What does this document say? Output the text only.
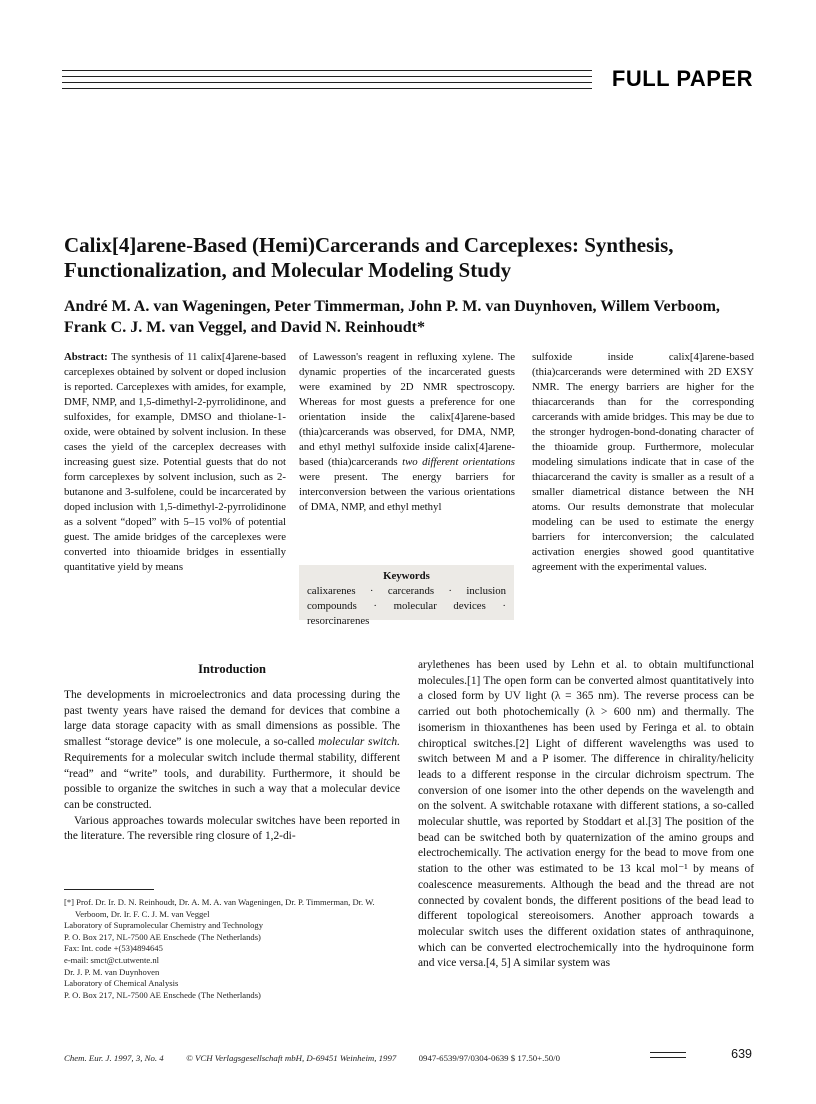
FULL PAPER
Calix[4]arene-Based (Hemi)Carcerands and Carceplexes: Synthesis, Functionalization, and Molecular Modeling Study
André M. A. van Wageningen, Peter Timmerman, John P. M. van Duynhoven, Willem Verboom, Frank C. J. M. van Veggel, and David N. Reinhoudt*
Abstract: The synthesis of 11 calix[4]arene-based carceplexes obtained by solvent or doped inclusion is reported. Carceplexes with amides, for example, DMF, NMP, and 1,5-dimethyl-2-pyrrolidinone, and sulfoxides, for example, DMSO and thiolane-1-oxide, were obtained by solvent inclusion. In these cases the yield of the carceplex decreases with increasing guest size. Potential guests that do not form carceplexes by solvent inclusion, such as 2-butanone and 3-sulfolene, could be incarcerated by doped inclusion with 1,5-dimethyl-2-pyrrolidinone as a solvent “doped” with 5–15 vol% of potential guest. The amide bridges of the carceplexes were converted into thioamide bridges in essentially quantitative yield by means
of Lawesson's reagent in refluxing xylene. The dynamic properties of the incarcerated guests were examined by 2D NMR spectroscopy. Whereas for most guests a preference for one orientation inside the calix[4]arene-based (thia)carcerands was observed, for DMA, NMP, and ethyl methyl sulfoxide inside calix[4]arene-based (thia)carcerands two different orientations were present. The energy barriers for interconversion between the various orientations of DMA, NMP, and ethyl methyl
Keywords
calixarenes · carcerands · inclusion compounds · molecular devices · resorcinarenes
sulfoxide inside calix[4]arene-based (thia)carcerands were determined with 2D EXSY NMR. The energy barriers are higher for the thiacarcerands than for the corresponding carcerands with amide bridges. This may be due to the stronger hydrogen-bond-donating character of the thioamide group. Furthermore, molecular modeling simulations indicate that in case of the thiacarcerand the cavity is smaller as a result of a smaller diametrical distance between the NH atoms. Our results demonstrate that molecular modeling can be used to estimate the energy barriers for interconversion; the calculated activation energies showed good quantitative agreement with the experimental values.
Introduction
The developments in microelectronics and data processing during the past twenty years have raised the demand for devices that combine a large data storage capacity with as small dimensions as possible. The smallest “storage device” is one molecule, a so-called molecular switch. Requirements for a molecular switch include thermal stability, different “read” and “write” tools, and durability. Furthermore, it should be possible to organize the switches in such a way that a molecular device can be constructed.
Various approaches towards molecular switches have been reported in the literature. The reversible ring closure of 1,2-di-
[*] Prof. Dr. Ir. D. N. Reinhoudt, Dr. A. M. A. van Wageningen, Dr. P. Timmerman, Dr. W. Verboom, Dr. Ir. F. C. J. M. van Veggel
Laboratory of Supramolecular Chemistry and Technology
P. O. Box 217, NL-7500 AE Enschede (The Netherlands)
Fax: Int. code +(53)4894645
e-mail: smct@ct.utwente.nl
Dr. J. P. M. van Duynhoven
Laboratory of Chemical Analysis
P. O. Box 217, NL-7500 AE Enschede (The Netherlands)
arylethenes has been used by Lehn et al. to obtain multifunctional molecules.[1] The open form can be converted almost quantitatively into a closed form by UV light (λ = 365 nm). The reverse process can be carried out both photochemically (λ > 600 nm) and thermally. The isomerism in thioxanthenes has been used by Feringa et al. to obtain chiroptical switches.[2] Light of different wavelengths was used to switch between M and a P isomer. The difference in chirality/helicity leads to a different response in the circular dichroism spectrum. The conversion of one isomer into the other depends on the wavelength and on the solvent. A switchable rotaxane with different stations, a so-called molecular shuttle, was reported by Stoddart et al.[3] The position of the bead can be switched both by quaternization of the amino groups and electrochemically. The activation energy for the bead to move from one station to the other was estimated to be 13 kcal mol⁻¹ by means of coalescence measurements. Although the bead and the thread are not connected by covalent bonds, the different positions of the bead lead to different topological stereoisomers. Another approach towards a molecular switch uses the different oxidation states of anthraquinone, which can be converted electrochemically into the hydroquinone form and vice versa.[4, 5] A similar system was
Chem. Eur. J. 1997, 3, No. 4	© VCH Verlagsgesellschaft mbH, D-69451 Weinheim, 1997	0947-6539/97/0304-0639 $ 17.50+.50/0	639
